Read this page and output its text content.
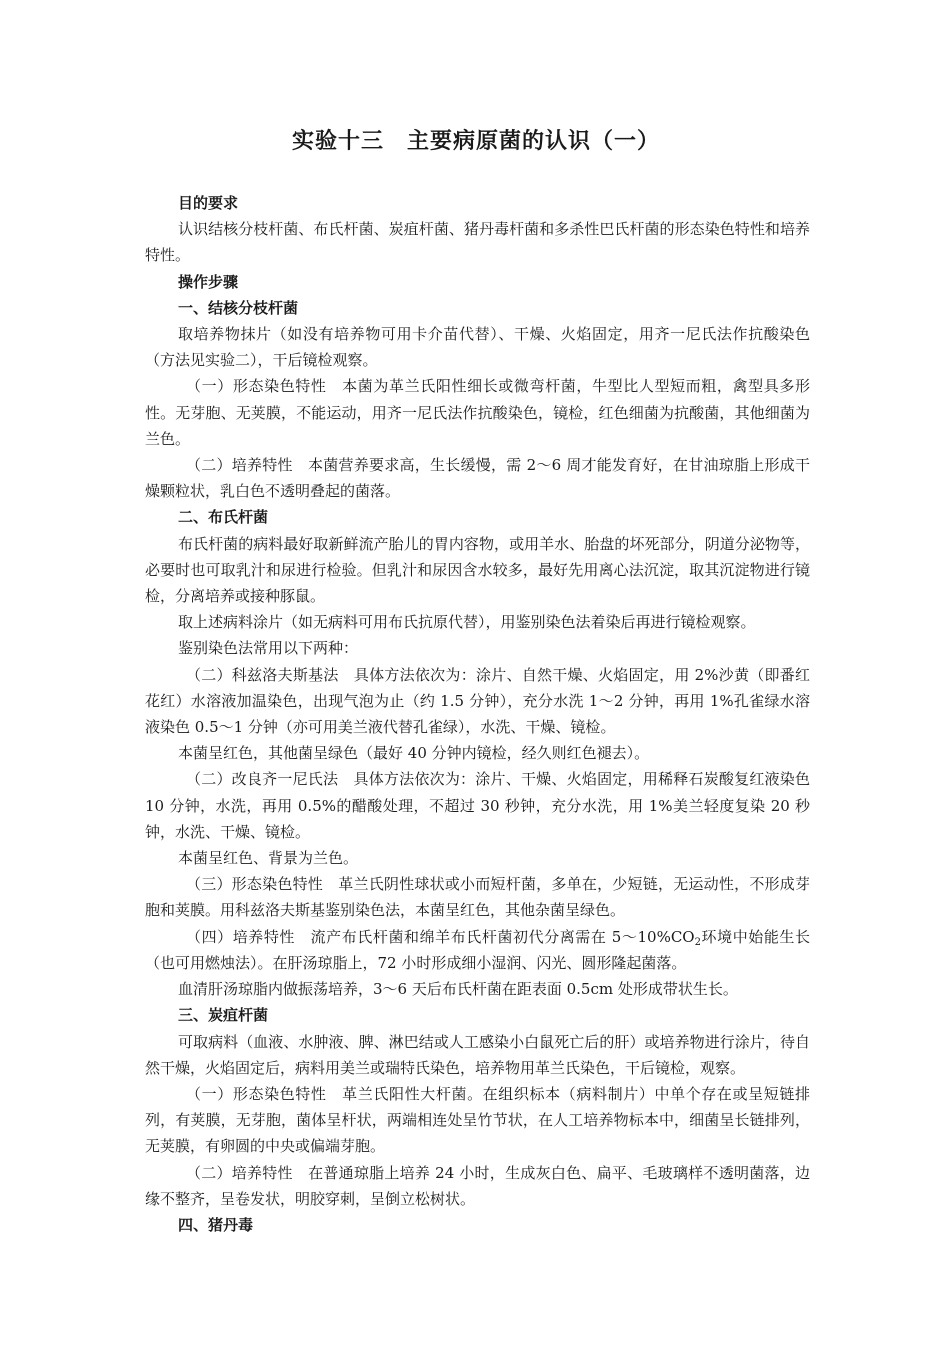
实验十三　主要病原菌的认识（一）

目的要求

认识结核分枝杆菌、布氏杆菌、炭疽杆菌、猪丹毒杆菌和多杀性巴氏杆菌的形态染色特性和培养特性。

操作步骤

一、结核分枝杆菌

取培养物抹片（如没有培养物可用卡介苗代替）、干燥、火焰固定，用齐一尼氏法作抗酸染色（方法见实验二），干后镜检观察。

（一）形态染色特性　本菌为革兰氏阳性细长或微弯杆菌，牛型比人型短而粗，禽型具多形性。无芽胞、无荚膜，不能运动，用齐一尼氏法作抗酸染色，镜检，红色细菌为抗酸菌，其他细菌为兰色。

（二）培养特性　本菌营养要求高，生长缓慢，需 2～6 周才能发育好，在甘油琼脂上形成干燥颗粒状，乳白色不透明叠起的菌落。

二、布氏杆菌

布氏杆菌的病料最好取新鲜流产胎儿的胃内容物，或用羊水、胎盘的坏死部分，阴道分泌物等，必要时也可取乳汁和尿进行检验。但乳汁和尿因含水较多，最好先用离心法沉淀，取其沉淀物进行镜检，分离培养或接种豚鼠。

取上述病料涂片（如无病料可用布氏抗原代替），用鉴别染色法着染后再进行镜检观察。

鉴别染色法常用以下两种：

（二）科兹洛夫斯基法　具体方法依次为：涂片、自然干燥、火焰固定，用 2%沙黄（即番红花红）水溶液加温染色，出现气泡为止（约 1.5 分钟），充分水洗 1～2 分钟，再用 1%孔雀绿水溶液染色 0.5～1 分钟（亦可用美兰液代替孔雀绿），水洗、干燥、镜检。

本菌呈红色，其他菌呈绿色（最好 40 分钟内镜检，经久则红色褪去）。

（二）改良齐一尼氏法　具体方法依次为：涂片、干燥、火焰固定，用稀释石炭酸复红液染色 10 分钟，水洗，再用 0.5%的醋酸处理，不超过 30 秒钟，充分水洗，用 1%美兰轻度复染 20 秒钟，水洗、干燥、镜检。

本菌呈红色、背景为兰色。

（三）形态染色特性　革兰氏阴性球状或小而短杆菌，多单在，少短链，无运动性，不形成芽胞和荚膜。用科兹洛夫斯基鉴别染色法，本菌呈红色，其他杂菌呈绿色。

（四）培养特性　流产布氏杆菌和绵羊布氏杆菌初代分离需在 $5\sim 10\%CO_2$环境中始能生长（也可用燃烛法）。在肝汤琼脂上，72 小时形成细小湿润、闪光、圆形隆起菌落。

血清肝汤琼脂内做振荡培养，3～6 天后布氏杆菌在距表面 0.5cm 处形成带状生长。

三、炭疽杆菌

可取病料（血液、水肿液、脾、淋巴结或人工感染小白鼠死亡后的肝）或培养物进行涂片，待自然干燥，火焰固定后，病料用美兰或瑞特氏染色，培养物用革兰氏染色，干后镜检，观察。

（一）形态染色特性　革兰氏阳性大杆菌。在组织标本（病料制片）中单个存在或呈短链排列，有荚膜，无芽胞，菌体呈杆状，两端相连处呈竹节状，在人工培养物标本中，细菌呈长链排列，无荚膜，有卵圆的中央或偏端芽胞。

（二）培养特性　在普通琼脂上培养 24 小时，生成灰白色、扁平、毛玻璃样不透明菌落，边缘不整齐，呈卷发状，明胶穿刺，呈倒立松树状。

四、猪丹毒
